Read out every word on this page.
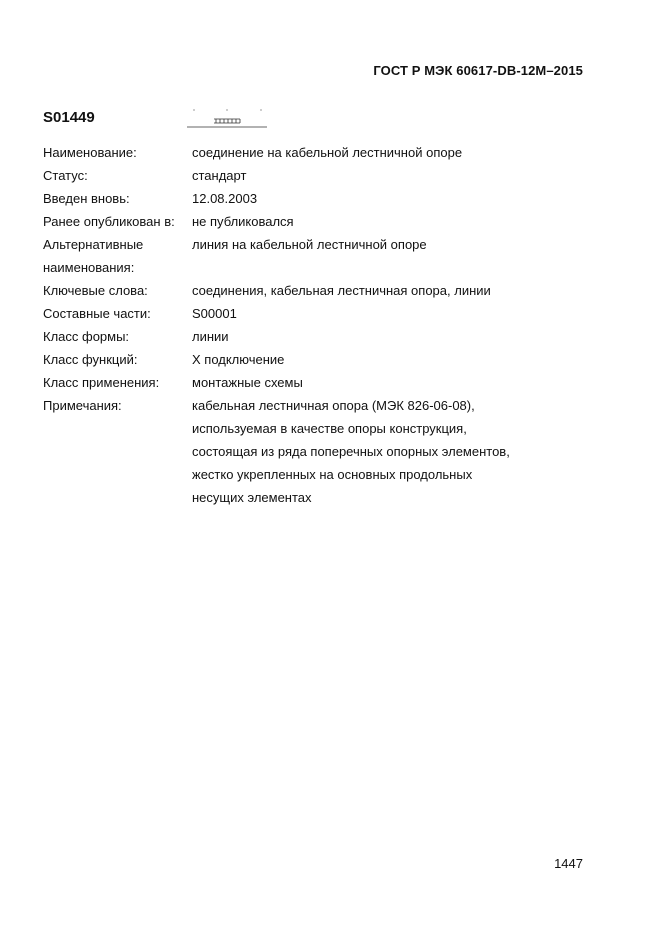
ГОСТ Р МЭК 60617-DB-12M–2015
S01449
Наименование:	соединение на кабельной лестничной опоре
Статус:	стандарт
Введен вновь:	12.08.2003
Ранее опубликован в:	не публиковался
Альтернативные
наименования:
линия на кабельной лестничной опоре
Ключевые слова:	соединения, кабельная лестничная опора, линии
Составные части:	S00001
Класс формы:	линии
Класс функций:	Х подключение
Класс применения:	монтажные схемы
Примечания:	кабельная лестничная опора (МЭК 826-06-08),
используемая в качестве опоры конструкция,
состоящая из ряда поперечных опорных элементов,
жестко укрепленных на основных продольных
несущих элементах
1447
